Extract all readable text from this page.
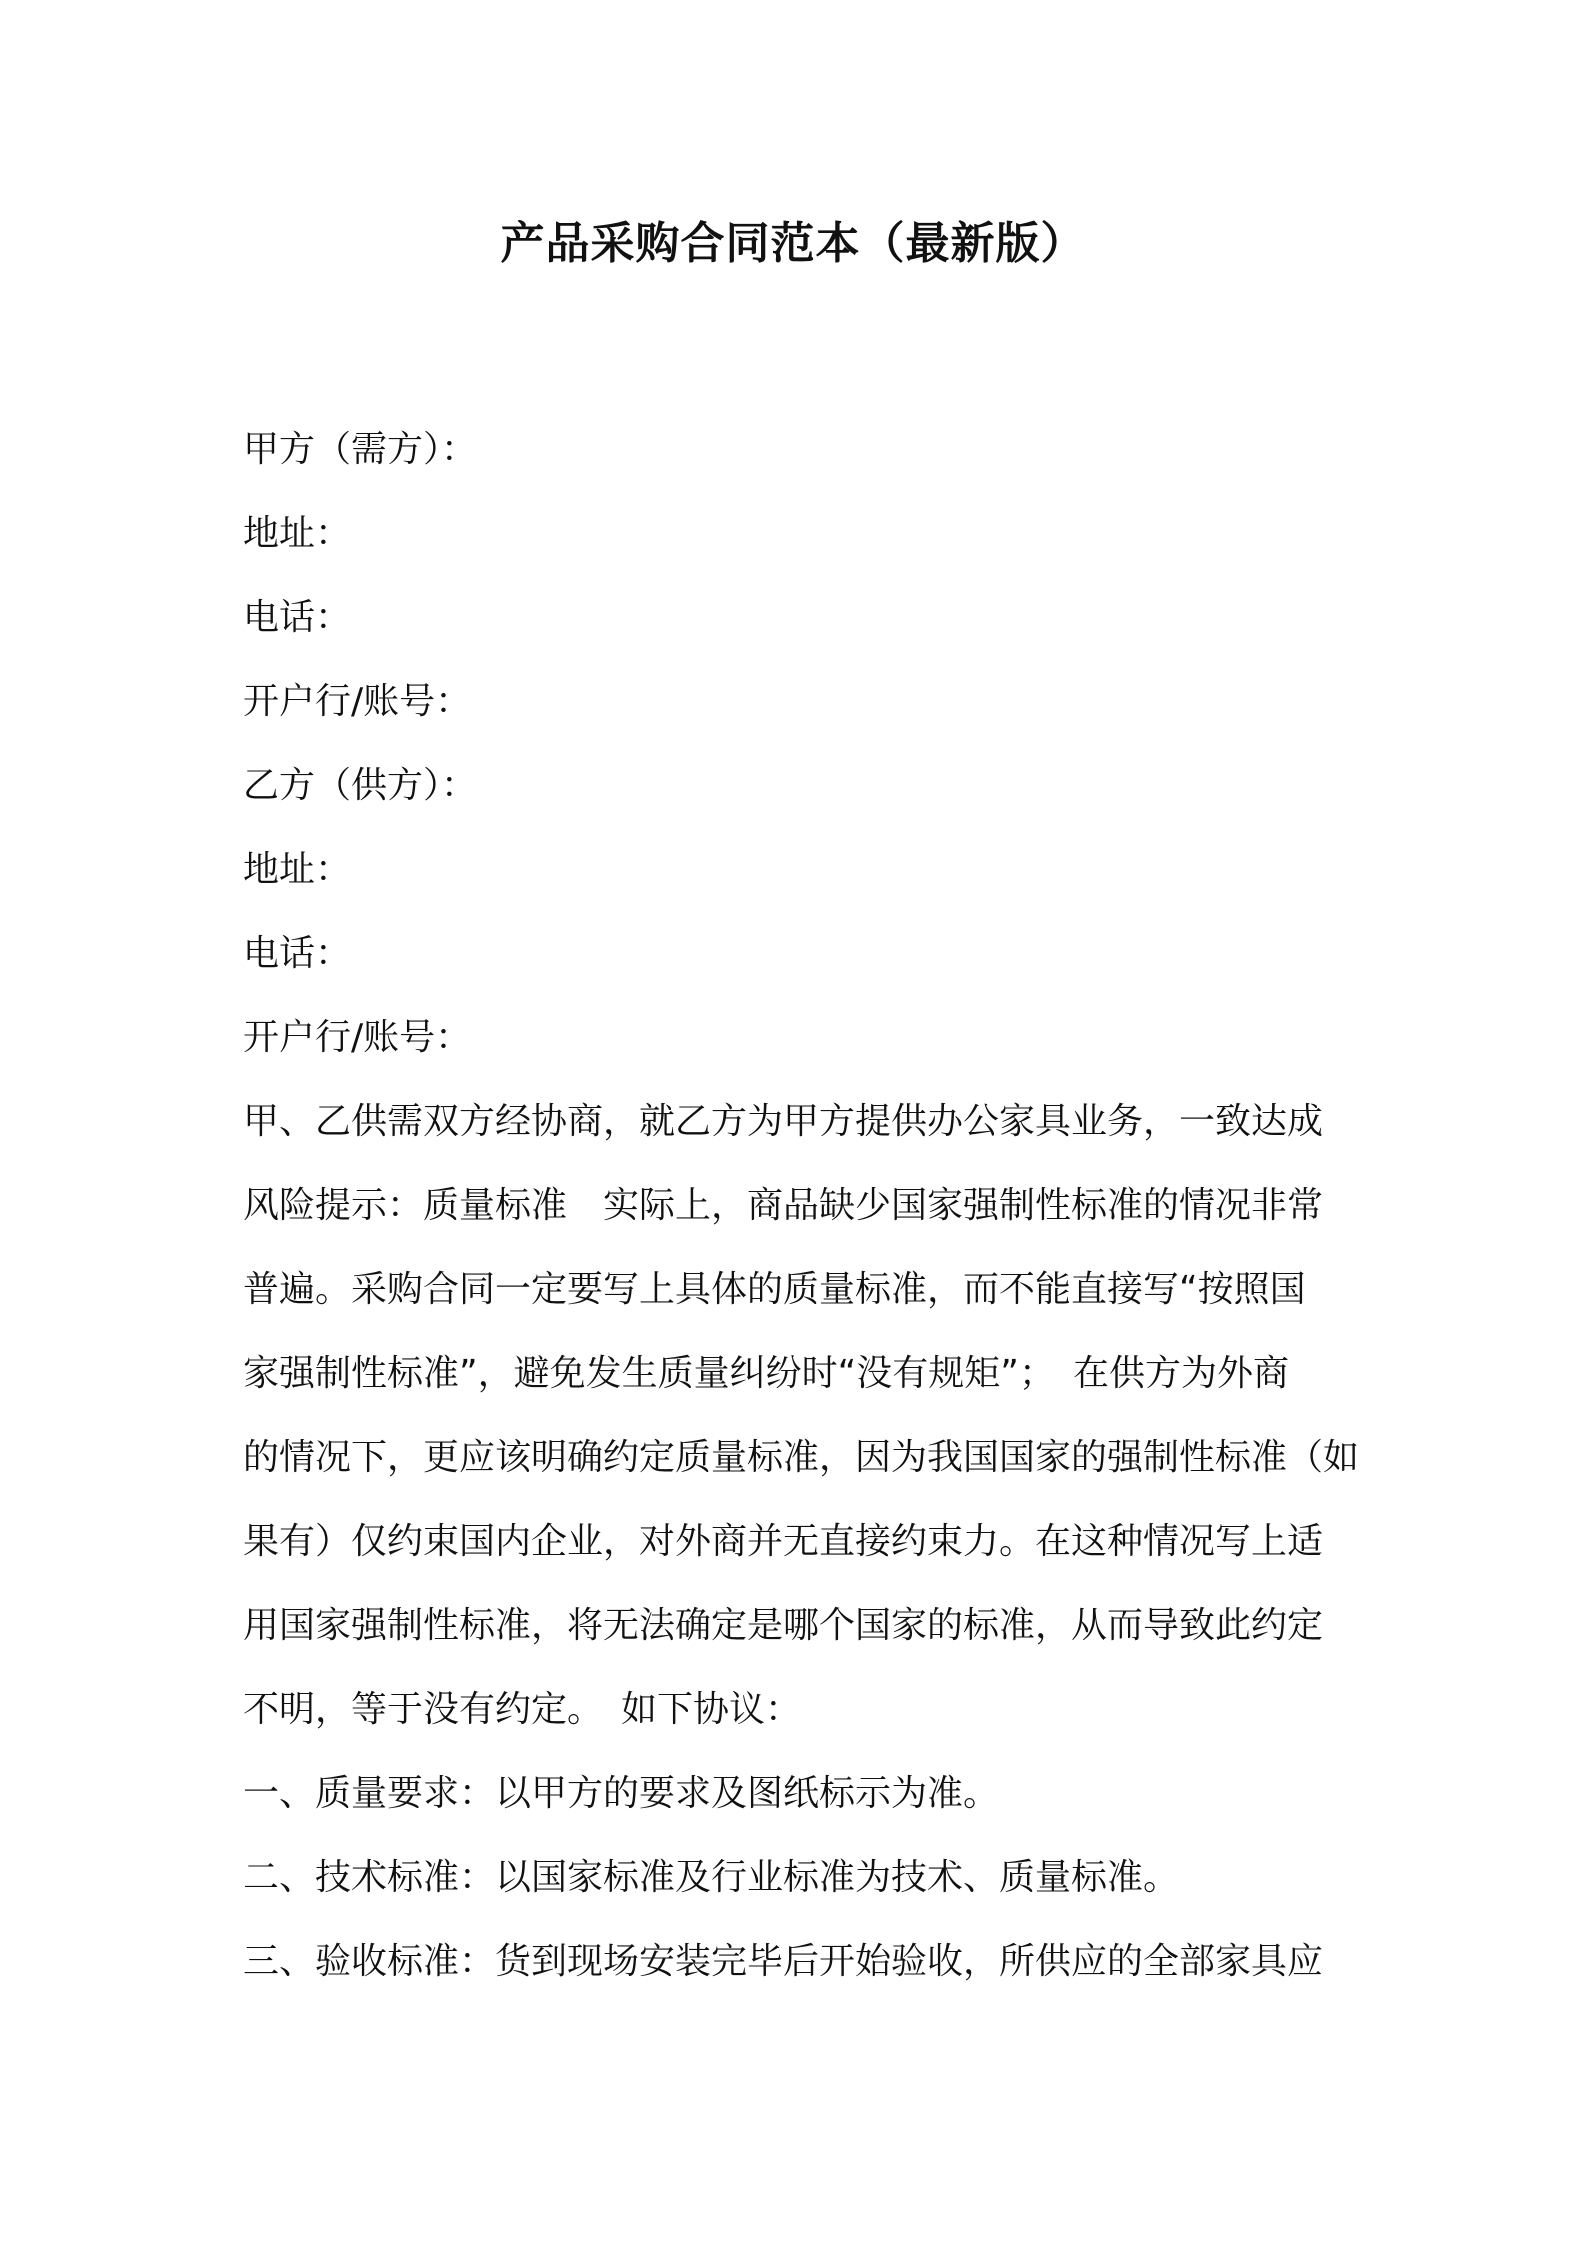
产品采购合同范本（最新版）
甲方（需方）：
地址：
电话：
开户行/账号：
乙方（供方）：
地址：
电话：
开户行/账号：
甲、乙供需双方经协商，就乙方为甲方提供办公家具业务，一致达成
风险提示：质量标准　实际上，商品缺少国家强制性标准的情况非常
普遍。采购合同一定要写上具体的质量标准，而不能直接写“按照国
家强制性标准”，避免发生质量纠纷时“没有规矩”；　在供方为外商
的情况下，更应该明确约定质量标准，因为我国国家的强制性标准（如
果有）仅约束国内企业，对外商并无直接约束力。在这种情况写上适
用国家强制性标准，将无法确定是哪个国家的标准，从而导致此约定
不明，等于没有约定。　如下协议：
一、质量要求：以甲方的要求及图纸标示为准。
二、技术标准：以国家标准及行业标准为技术、质量标准。
三、验收标准：货到现场安装完毕后开始验收，所供应的全部家具应
